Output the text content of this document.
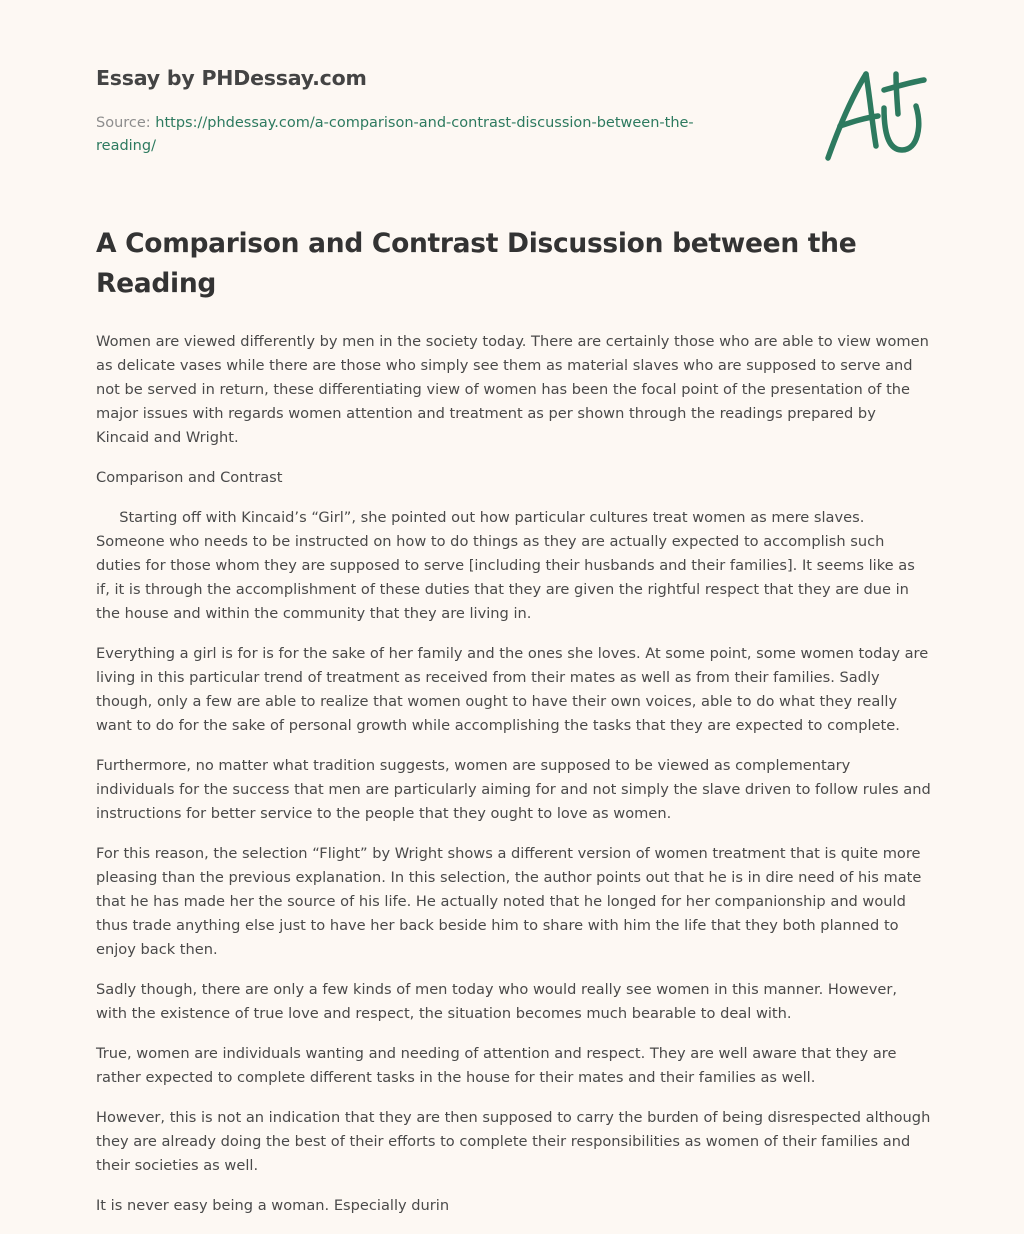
Essay by PHDessay.com
Source: https://phdessay.com/a-comparison-and-contrast-discussion-between-the-reading/
A Comparison and Contrast Discussion between the Reading

Women are viewed differently by men in the society today. There are certainly those who are able to view women as delicate vases while there are those who simply see them as material slaves who are supposed to serve and not be served in return, these differentiating view of women has been the focal point of the presentation of the major issues with regards women attention and treatment as per shown through the readings prepared by Kincaid and Wright.

Comparison and Contrast

Starting off with Kincaid’s “Girl”, she pointed out how particular cultures treat women as mere slaves. Someone who needs to be instructed on how to do things as they are actually expected to accomplish such duties for those whom they are supposed to serve [including their husbands and their families]. It seems like as if, it is through the accomplishment of these duties that they are given the rightful respect that they are due in the house and within the community that they are living in.

Everything a girl is for is for the sake of her family and the ones she loves. At some point, some women today are living in this particular trend of treatment as received from their mates as well as from their families. Sadly though, only a few are able to realize that women ought to have their own voices, able to do what they really want to do for the sake of personal growth while accomplishing the tasks that they are expected to complete.

Furthermore, no matter what tradition suggests, women are supposed to be viewed as complementary individuals for the success that men are particularly aiming for and not simply the slave driven to follow rules and instructions for better service to the people that they ought to love as women.

For this reason, the selection “Flight” by Wright shows a different version of women treatment that is quite more pleasing than the previous explanation. In this selection, the author points out that he is in dire need of his mate that he has made her the source of his life. He actually noted that he longed for her companionship and would thus trade anything else just to have her back beside him to share with him the life that they both planned to enjoy back then.

Sadly though, there are only a few kinds of men today who would really see women in this manner. However, with the existence of true love and respect, the situation becomes much bearable to deal with.

True, women are individuals wanting and needing of attention and respect. They are well aware that they are rather expected to complete different tasks in the house for their mates and their families as well.

However, this is not an indication that they are then supposed to carry the burden of being disrespected although they are already doing the best of their efforts to complete their responsibilities as women of their families and their societies as well.

It is never easy being a woman. Especially durin
